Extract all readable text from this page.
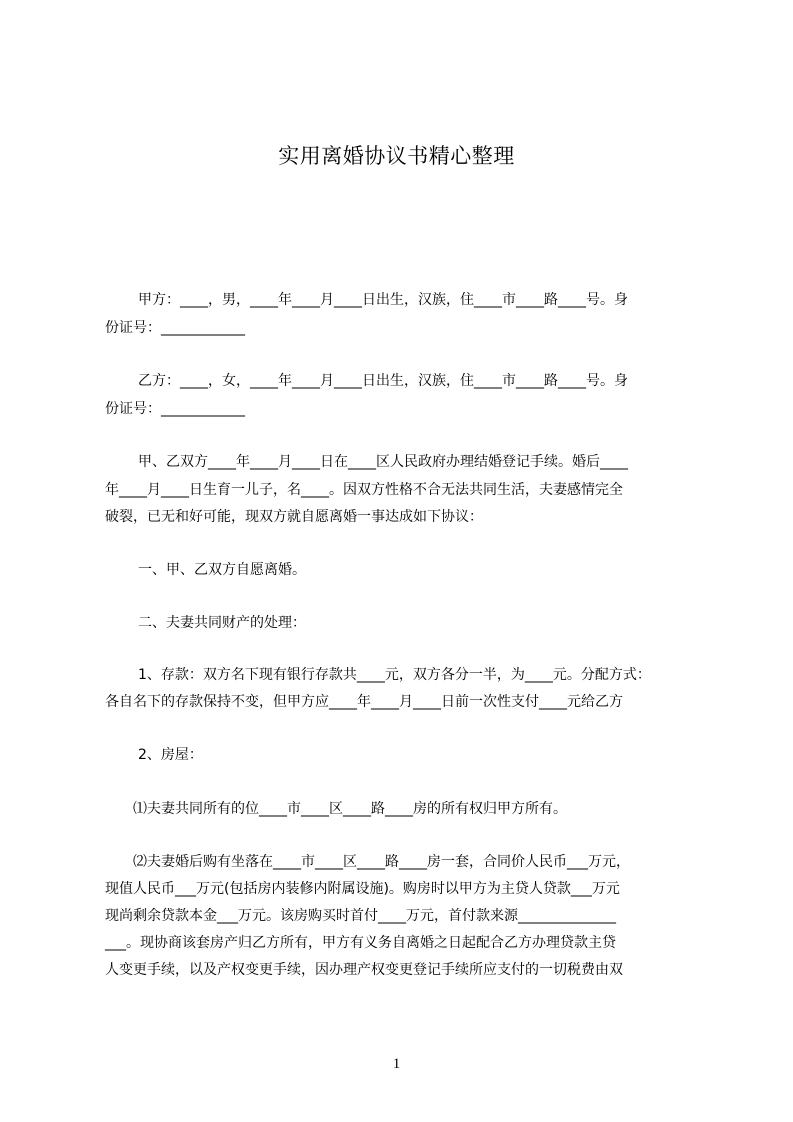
实用离婚协议书精心整理
甲方：____，男，____年____月____日出生，汉族，住____市____路____号。身
份证号：____________
乙方：____，女，____年____月____日出生，汉族，住____市____路____号。身
份证号：____________
甲、乙双方____年____月____日在____区人民政府办理结婚登记手续。婚后____
年____月____日生育一儿子，名____。因双方性格不合无法共同生活，夫妻感情完全
破裂，已无和好可能，现双方就自愿离婚一事达成如下协议：
一、甲、乙双方自愿离婚。
二、夫妻共同财产的处理：
1、存款：双方名下现有银行存款共____元，双方各分一半，为____元。分配方式：
各自名下的存款保持不变，但甲方应____年____月____日前一次性支付____元给乙方
2、房屋：
⑴夫妻共同所有的位____市____区____路____房的所有权归甲方所有。
⑵夫妻婚后购有坐落在____市____区____路____房一套，合同价人民币___万元，
现值人民币___万元(包括房内装修内附属设施)。购房时以甲方为主贷人贷款___万元
现尚剩余贷款本金___万元。该房购买时首付____万元，首付款来源______________
___。现协商该套房产归乙方所有，甲方有义务自离婚之日起配合乙方办理贷款主贷
人变更手续，以及产权变更手续，因办理产权变更登记手续所应支付的一切税费由双
1
